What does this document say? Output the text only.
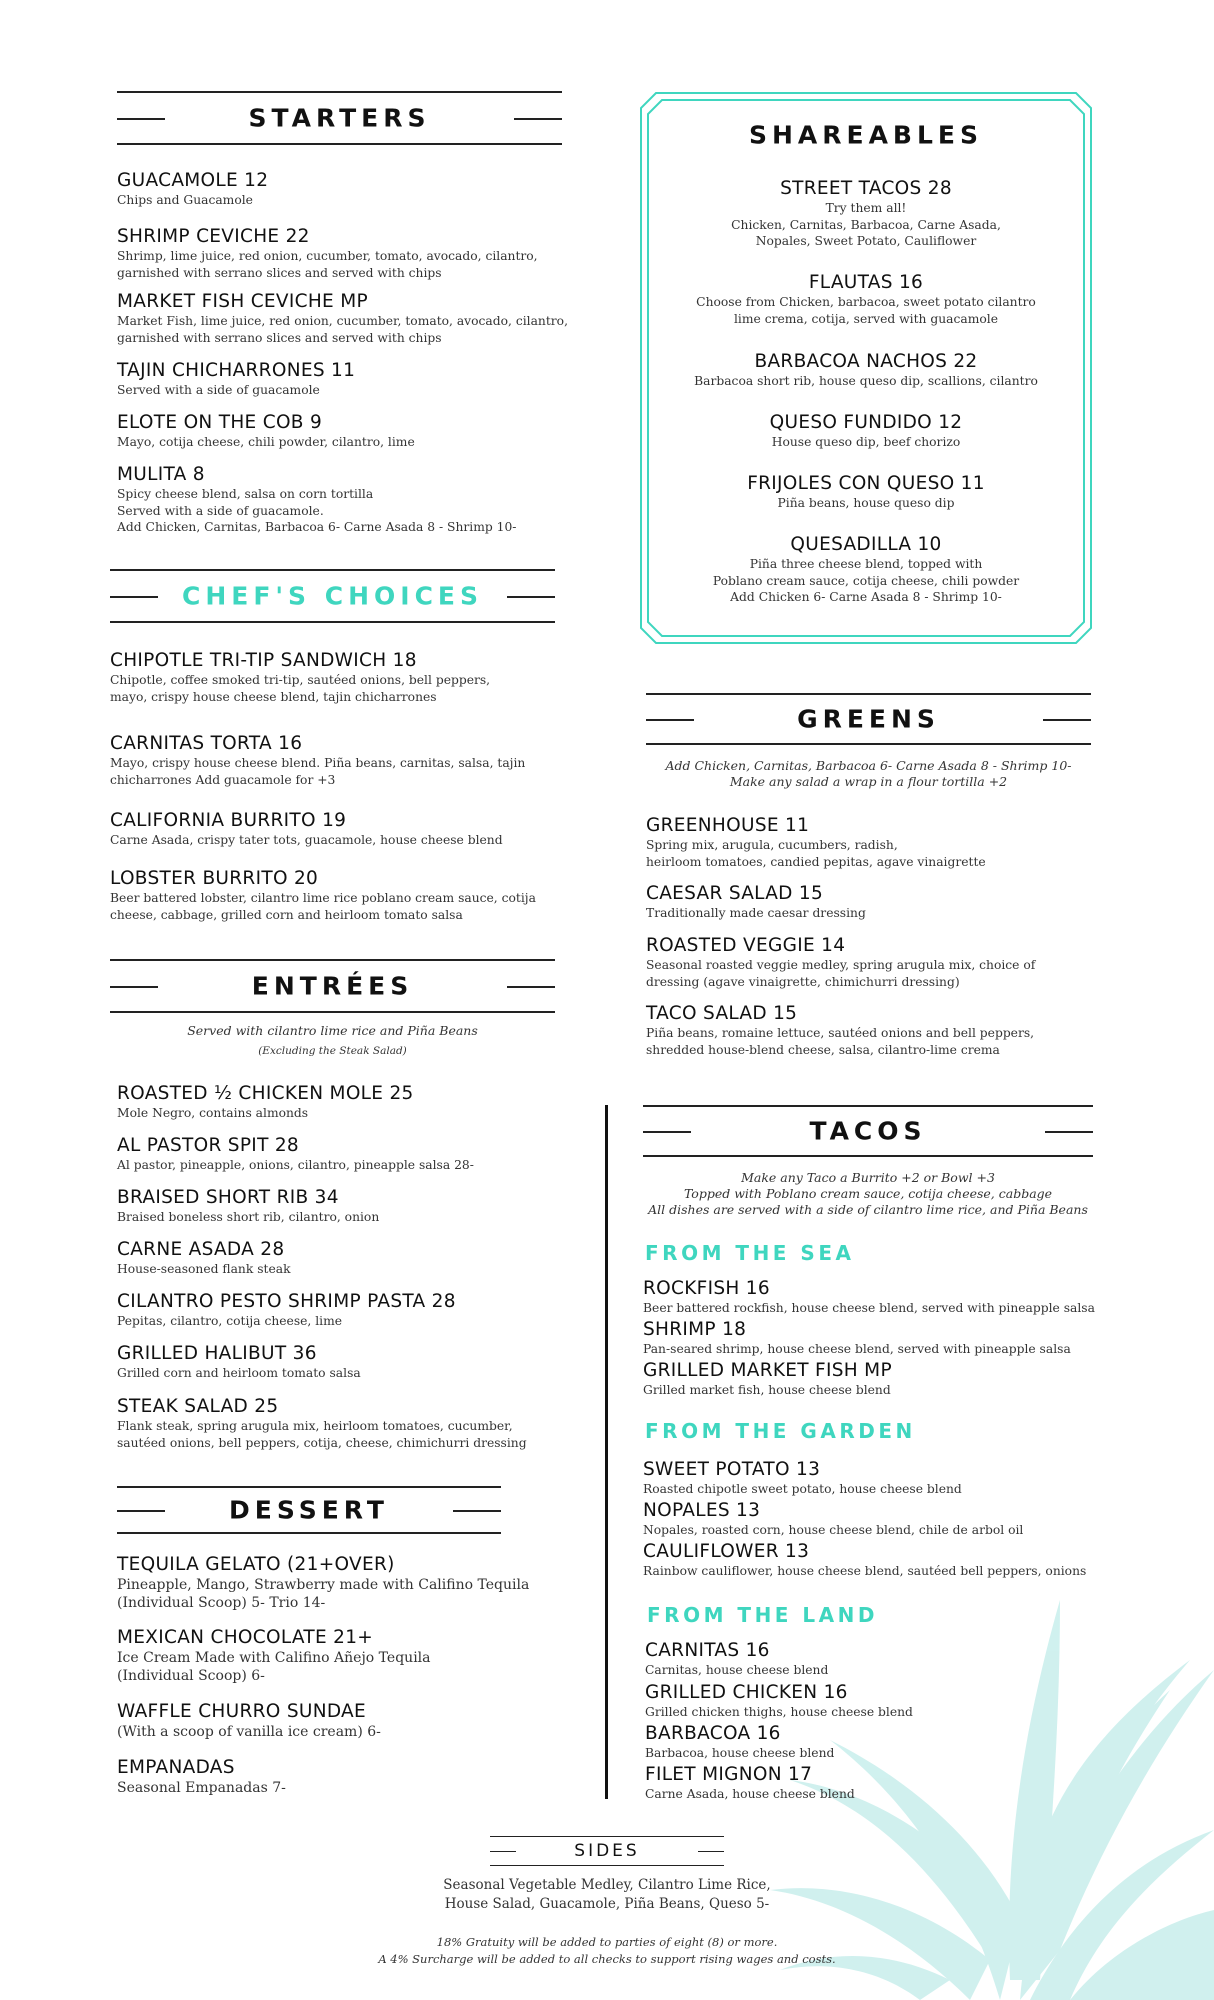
STARTERS
GUACAMOLE 12
Chips and Guacamole
SHRIMP CEVICHE 22
Shrimp, lime juice, red onion, cucumber, tomato, avocado, cilantro,
garnished with serrano slices and served with chips
MARKET FISH CEVICHE MP
Market Fish, lime juice, red onion, cucumber, tomato, avocado, cilantro,
garnished with serrano slices and served with chips
TAJIN CHICHARRONES 11
Served with a side of guacamole
ELOTE ON THE COB 9
Mayo, cotija cheese, chili powder, cilantro, lime
MULITA 8
Spicy cheese blend, salsa on corn tortilla
Served with a side of guacamole.
Add Chicken, Carnitas, Barbacoa 6- Carne Asada 8 - Shrimp 10-
CHEF'S CHOICES
CHIPOTLE TRI-TIP SANDWICH 18
Chipotle, coffee smoked tri-tip, sautéed onions, bell peppers,
mayo, crispy house cheese blend, tajin chicharrones
CARNITAS TORTA 16
Mayo, crispy house cheese blend. Piña beans, carnitas, salsa, tajin
chicharrones Add guacamole for +3
CALIFORNIA BURRITO 19
Carne Asada, crispy tater tots, guacamole, house cheese blend
LOBSTER BURRITO 20
Beer battered lobster, cilantro lime rice poblano cream sauce, cotija
cheese, cabbage, grilled corn and heirloom tomato salsa
ENTRÉES
Served with cilantro lime rice and Piña Beans
(Excluding the Steak Salad)
ROASTED ½ CHICKEN MOLE 25
Mole Negro, contains almonds
AL PASTOR SPIT 28
Al pastor, pineapple, onions, cilantro, pineapple salsa 28-
BRAISED SHORT RIB 34
Braised boneless short rib, cilantro, onion
CARNE ASADA 28
House-seasoned flank steak
CILANTRO PESTO SHRIMP PASTA 28
Pepitas, cilantro, cotija cheese, lime
GRILLED HALIBUT 36
Grilled corn and heirloom tomato salsa
STEAK SALAD 25
Flank steak, spring arugula mix, heirloom tomatoes, cucumber,
sautéed onions, bell peppers, cotija, cheese, chimichurri dressing
DESSERT
TEQUILA GELATO (21+OVER)
Pineapple, Mango, Strawberry made with Califino Tequila
(Individual Scoop) 5- Trio 14-
MEXICAN CHOCOLATE 21+
Ice Cream Made with Califino Añejo Tequila
(Individual Scoop) 6-
WAFFLE CHURRO SUNDAE
(With a scoop of vanilla ice cream) 6-
EMPANADAS
Seasonal Empanadas 7-
SHAREABLES
STREET TACOS 28
Try them all!
Chicken, Carnitas, Barbacoa, Carne Asada,
Nopales, Sweet Potato, Cauliflower
FLAUTAS 16
Choose from Chicken, barbacoa, sweet potato cilantro
lime crema, cotija, served with guacamole
BARBACOA NACHOS 22
Barbacoa short rib, house queso dip, scallions, cilantro
QUESO FUNDIDO 12
House queso dip, beef chorizo
FRIJOLES CON QUESO 11
Piña beans, house queso dip
QUESADILLA 10
Piña three cheese blend, topped with
Poblano cream sauce, cotija cheese, chili powder
Add Chicken 6- Carne Asada 8 - Shrimp 10-
GREENS
Add Chicken, Carnitas, Barbacoa 6- Carne Asada 8 - Shrimp 10-
Make any salad a wrap in a flour tortilla +2
GREENHOUSE 11
Spring mix, arugula, cucumbers, radish,
heirloom tomatoes, candied pepitas, agave vinaigrette
CAESAR SALAD 15
Traditionally made caesar dressing
ROASTED VEGGIE 14
Seasonal roasted veggie medley, spring arugula mix, choice of
dressing (agave vinaigrette, chimichurri dressing)
TACO SALAD 15
Piña beans, romaine lettuce, sautéed onions and bell peppers,
shredded house-blend cheese, salsa, cilantro-lime crema
TACOS
Make any Taco a Burrito +2 or Bowl +3
Topped with Poblano cream sauce, cotija cheese, cabbage
All dishes are served with a side of cilantro lime rice, and Piña Beans
FROM THE SEA
ROCKFISH 16
Beer battered rockfish, house cheese blend, served with pineapple salsa
SHRIMP 18
Pan-seared shrimp, house cheese blend, served with pineapple salsa
GRILLED MARKET FISH MP
Grilled market fish, house cheese blend
FROM THE GARDEN
SWEET POTATO 13
Roasted chipotle sweet potato, house cheese blend
NOPALES 13
Nopales, roasted corn, house cheese blend, chile de arbol oil
CAULIFLOWER 13
Rainbow cauliflower, house cheese blend, sautéed bell peppers, onions
FROM THE LAND
CARNITAS 16
Carnitas, house cheese blend
GRILLED CHICKEN 16
Grilled chicken thighs, house cheese blend
BARBACOA 16
Barbacoa, house cheese blend
FILET MIGNON 17
Carne Asada, house cheese blend
SIDES
Seasonal Vegetable Medley, Cilantro Lime Rice,
House Salad, Guacamole, Piña Beans, Queso 5-
18% Gratuity will be added to parties of eight (8) or more.
A 4% Surcharge will be added to all checks to support rising wages and costs.
